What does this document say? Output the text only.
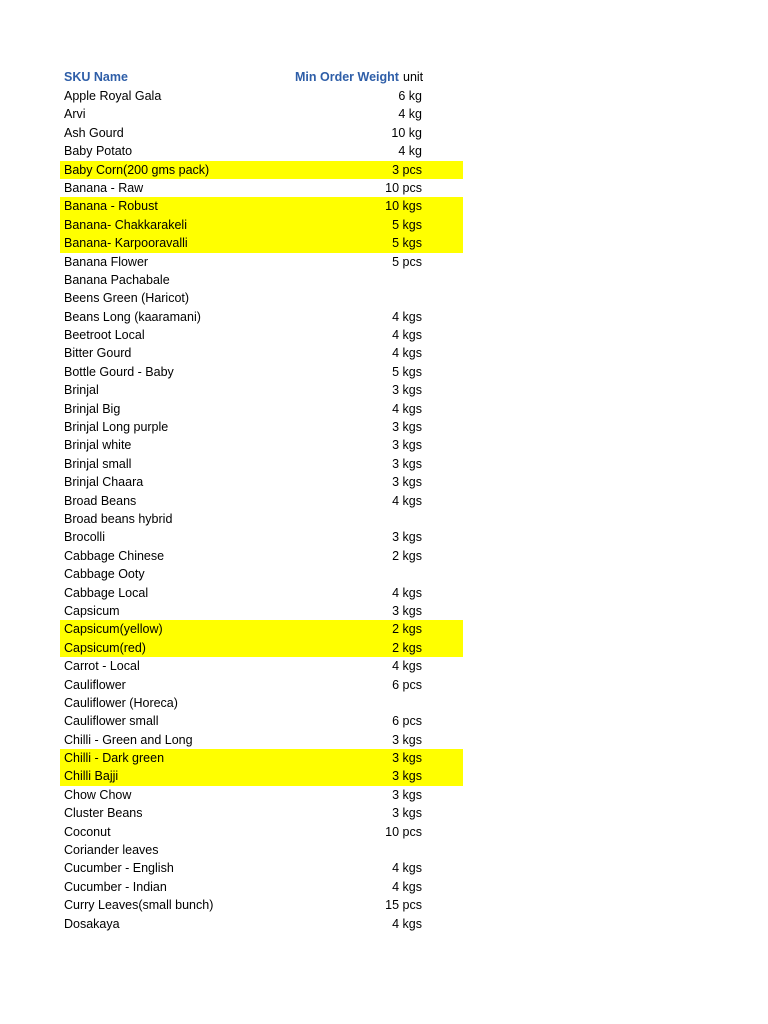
SKU Name	Min Order Weight unit
Apple Royal Gala	6 kg
Arvi	4 kg
Ash Gourd	10 kg
Baby Potato	4 kg
Baby Corn(200 gms pack)	3 pcs
Banana - Raw	10 pcs
Banana - Robust	10 kgs
Banana- Chakkarakeli	5 kgs
Banana- Karpooravalli	5 kgs
Banana Flower	5 pcs
Banana Pachabale
Beens Green (Haricot)
Beans Long (kaaramani)	4 kgs
Beetroot Local	4 kgs
Bitter Gourd	4 kgs
Bottle Gourd - Baby	5 kgs
Brinjal	3 kgs
Brinjal Big	4 kgs
Brinjal Long purple	3 kgs
Brinjal white	3 kgs
Brinjal small	3 kgs
Brinjal Chaara	3 kgs
Broad Beans	4 kgs
Broad beans hybrid
Brocolli	3 kgs
Cabbage Chinese	2 kgs
Cabbage Ooty
Cabbage Local	4 kgs
Capsicum	3 kgs
Capsicum(yellow)	2 kgs
Capsicum(red)	2 kgs
Carrot - Local	4 kgs
Cauliflower	6 pcs
Cauliflower (Horeca)
Cauliflower small	6 pcs
Chilli - Green and Long	3 kgs
Chilli - Dark green	3 kgs
Chilli Bajji	3 kgs
Chow Chow	3 kgs
Cluster Beans	3 kgs
Coconut	10 pcs
Coriander leaves
Cucumber - English	4 kgs
Cucumber - Indian	4 kgs
Curry Leaves(small bunch)	15 pcs
Dosakaya	4 kgs
